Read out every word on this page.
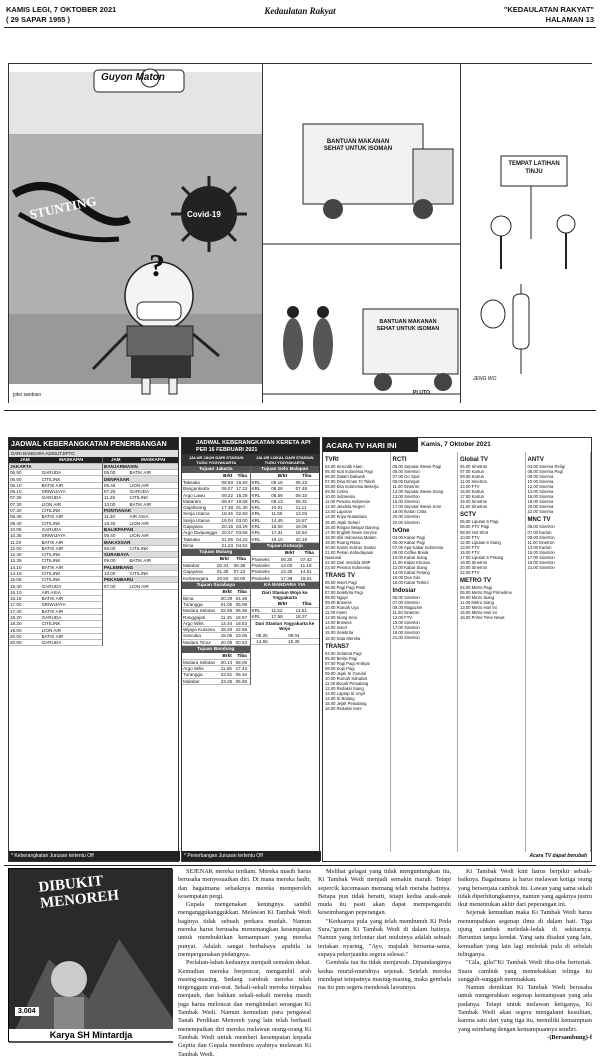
KAMIS LEGI, 7 OKTOBER 2021
( 29 SAPAR 1955 )
Kedaulatan Rakyat	"KEDAULATAN RAKYAT"
HALAMAN 13
?
Guyon Maton
STUNTING	Covid-19
joko santoso
BANTUAN MAKANAN SEHAT UNTUK ISOMAN
BANTUAN MAKANAN SEHAT UNTUK ISOMAN
PLUTO
TEMPAT LATIHAN TINJU
JENG WO
JADWAL KEBERANGKATAN PENERBANGAN
DARI BANDARA ADISUTJIPTO
JAM	MASKAPAI
JAKARTA	
06.50	GARUDA
06.00	CITILINK
06.10	BATIK AIR
06.10	SRIWIJAYA
07.25	GARUDA
07.30	LION AIR
07.30	CITILINK
08.45	BATIK AIR
09.40	CITILINK
10.05	GARUDA
10.35	SRIWIJAYA
11.20	BATIK AIR
12.00	BATIK AIR
12.40	CITILINK
13.35	CITILINK
14.10	BATIK AIR
14.15	CITILINK
15.05	CITILINK
15.40	GARUDA
16.10	AIR ASIA
16.15	BATIK AIR
17.00	SRIWIJAYA
17.40	BATIK AIR
18.20	GARUDA
18.30	CITILINK
19.00	LION AIR
20.00	BATIK AIR
20.50	GARUDA
JAM	MASKAPAI
BANJARMASIN	
08.00	BATIK AIR
DENPASAR	
06.45	LION AIR
07.25	GARUDA
11.25	CITILINK
13.00	BATIK AIR
PONTIANAK	
11.30	AIR ASIA
16.45	LION AIR
BALIKPAPAN	
08.40	LION AIR
MAKASSAR	
06.00	CITILINK
SURABAYA	
09.00	BATIK AIR
PALEMBANG	
10.00	CITILINK
PEKANBARU	
07.00	LION AIR
* Keberangkatan Jurusan tertentu Off
JADWAL KEBERANGKATAN KERETA API
PER 16 FEBRUARI 2021
JALUR JAUH DARI STASIUN TUGU YOGYAKARTA
JALUR LOKAL DARI STASIUN TUGU YOGYAKARTA
Tujuan Jakarta
	Brkt	Tiba
Taksaka	08.50	15.50
Bangunkarta	08.07	17.22
Argo Lawu	09.22	16.28
Mataram	09.47	18.08
Gajahwong	17.48	01.30
Senja Utama	18.45	02.50
Senja Utama	19.04	03.00
Gajayana	20.15	03.29
Argo Dwipangga	20.47	03.55
Taksaka	21.05	04.22
Bima	21.23	04.52
Tujuan Malang
	Brkt	Tiba
Malabar	00.34	06.38
Gajayana	01.35	07.23
Kertanegara	20.50	03.00
Tujuan Surabaya
	Brkt	Tiba
Bima	00.29	04.36
Turangga	01.00	05.09
Mutiara Selatan	02.56	06.38
Ranggajati	11.15	16.57
Argo Wilis	14.44	18.53
Wijaya Kusuma	18.20	22.56
Sancaka	15.05	23.06
Mutiara Timur	20.05	00.53
Tujuan Bandung
	Brkt	Tiba
Mutiara Selatan	00.14	08.08
Argo Wilis	11.05	17.43
Turangga	22.51	05.34
Malabar	23.25	06.58
Tujuan Solo Balapan
	Brkt	Tiba
KRL	05.15	06.23
KRL	06.28	07.48
KRL	06.59	08.10
KRL	08.13	09.31
KRL	10.01	11.11
KRL	11.55	13.03
KRL	14.49	15.57
KRL	15.00	16.08
KRL	17.31	18.54
KRL	19.10	20.19
Tujuan Kutoarjo
	Brkt	Tiba
Prameks	06.30	07.42
Prameks	13.05	11.18
Prameks	13.38	14.51
Prameks	17.38	19.01
KA BANDARA YIA
Dari Stasiun Wojo ke Yogyakarta
	Brkt	Tiba
KRL	11.52	11.51
KRL	17.58	18.37
Dari Stasiun Yogyakarta ke Wojo
	08.25	09.04
	14.55	15.35
* Penerbangan Jurusan tertentu Off
ACARA TV HARI INI	Kamis, 7 Oktober 2021
TVRI
04.00 Seruntik Alam
05.00 Kiat Indonesia Pagi
06.00 Dalam Dakwah
07.00 Dina Emas Ti! Tokoh
08.00 Kita Indonesia Bekerja
09.00 Cerita
10.00 Indonesia
11.00 Pesona Indonesia
12.00 Jendela Negeri
13.00 Laporan
14.00 Kriya Nusantara
15.00 Jejak Sehari
16.00 Ringan Belajar Bareng
17.00 English News Service
18.00 Klik Indonesia Malam
19.00 Ruang Rasa
20.00 Kamis Kuliner Santai
21.00 Pekan Kebudayaan Nasional
22.00 Dari Jendela SMP
23.00 Pesona Indonesia
TRANS TV
05.00 Insert Pagi
06.00 Pagi Pagi Pasti
07.00 Selebrita Pagi
08.00 Ngopi
09.00 Brownis
10.00 Rumah Uya
11.00 Insert
12.00 Siang Seru
13.00 Brownis
14.00 Insert
15.00 Selebrita
16.00 Kata Mereka
TRANS7
04.00 Selamat Pagi
05.00 Berita Pagi
07.00 Pagi Pagi Ambyar
08.00 Kopi Pagi
09.00 Jejak Si Gundul
10.00 Rumah Sahabat
11.00 Bocah Petualang
12.00 Redaksi Siang
13.00 Laptop Si Unyil
14.00 Si Bolang
15.00 Jejak Petualang
16.00 Redaksi Sore
RCTI
05.00 Seputar iNews Pagi
06.00 Sinetron
07.00 Go Spot
08.00 Dahsyat
11.00 Sinetron
12.00 Seputar iNews Siang
13.00 Sinetron
15.00 Sinetron
17.00 Seputar iNews Sore
18.00 Ikatan Cinta
20.00 Sinetron
22.00 Sinetron
tvOne
04.00 Kabar Pagi
05.00 Kabar Pagi
07.00 Apa Kabar Indonesia
09.00 Coffee Break
10.00 Kabar Siang
11.00 Kabar Khusus
12.00 Kabar Siang
14.00 Kabar Petang
15.00 Dua Sisi
16.00 Kabar Terkini
Indosiar
05.00 Sinetron
07.00 Sinetron
09.00 Magazine
11.00 Sinetron
13.00 FTV
15.00 Sinetron
17.00 Sinetron
19.00 Sinetron
21.00 Sinetron
Global TV
05.00 Sinetron
07.00 Kartun
09.00 Kartun
11.00 Sinetron
13.00 FTV
15.00 Kartun
17.00 Kartun
19.00 Sinetron
21.00 Sinetron
SCTV
05.00 Liputan 6 Pagi
06.00 FTV Pagi
08.00 Hot Shot
10.00 FTV
12.00 Liputan 6 Siang
13.00 FTV
15.00 FTV
17.00 Liputan 6 Petang
18.00 Sinetron
20.00 Sinetron
22.00 FTV
METRO TV
04.00 Metro Pagi
05.00 Metro Pagi Primetime
08.00 Metro Siang
11.00 Metro Siang
13.00 Metro Hari Ini
15.00 Metro Hari Ini
18.00 Prime Time News
ANTV
04.00 Sinema Religi
06.00 Sinema Pagi
08.00 Sinema
10.00 Sinema
12.00 Sinema
14.00 Sinema
16.00 Sinema
18.00 Sinema
20.00 Sinema
22.00 Sinema
MNC TV
05.00 Sinetron
07.00 Kartun
09.00 Sinetron
11.00 Sinetron
13.00 Kartun
15.00 Sinetron
17.00 Sinetron
19.00 Sinetron
21.00 Sinetron
Acara TV dapat berubah
DIBUKIT MENOREH
3.004
Karya SH Mintardja

SEJENAK mereka terdiam. Mereka masih harus berusaha menyesuaikan diri. Di mana mereka hadir, dan bagaimana sebaiknya mereka memperoleh kesempatan pergi.

Gupala mengenakan keningnya sambil menganggukanggukkan. Melawan Ki Tambak Wedi baginya tidak sebuah perkara mudah. Namun mereka harus berusaha memenangkan kesempatan untuk membuktikan kemampuan yang mereka punyai. Adalah sangat berbahaya apabila ia mempergunakan pedangnya.

Perlahan-lahan keduanya menjadi semakin dekat. Kemudian mereka berpencar, mengambil arah masing-masing. Sedang cambuk mereka telah tergenggam erat-erat. Sekali-sekali mereka terpaksa menjauh, dan bahkan sekali-sekali mereka masih juga harus meloncat dan menghindari serangan Ki Tambak Wedi. Namun kemudian para pengawal Tanah Perdikan Menoreh yang lain telah berhasil menempatkan diri mereka melawan orang-orang Ki Tambak Wedi untuk memberi kesempatan kepada Gupita dan Gupala memburu ayahnya melawan Ki Tambak Wedi.

Melihat gelagat yang tidak menguntungkan itu, Ki Tambak Wedi menjadi semakin marah. Tetapi sepercik kecemasan memang telah meraba hatinya. Betapa pun tidak berarti, tetapi kedua anak-anak muda itu pasti akan dapat mempengaruhi keseimbangan peperangan.

"Keduanya pula yang telah membunuh Ki Peda Sura,"geram Ki Tambak Wedi di dalam hatinya. Namun yang terlontar dari mulutnya adalah sebuah teriakan nyaring, "Ayo, majulah bersama-sama, supaya pekerjaanku segera selesai."

Gembala tua itu tidak menjawab. Dipandanginya kedua murid-muridnya sejenak. Setelah mereka mendapat tempatnya masing-masing, maka gembala tua itu pun segera mendesak lawannya.

Ki Tambak Wedi kini harus berpikir sebaik-baiknya. Bagaimana ia harus melawan ketiga orang yang bersenjata cambuk itu. Lawan yang sama sekali tidak diperhitungkannya, namun yang agaknya justru ikut menentukan akhir dari peperangan ini.

Sejenak kemudian maka Ki Tambak Wedi harus menumpahkan segenap ilmu di dalam hati. Tiga ujung cambuk meledak-ledak di sekitarnya. Beruntun tanpa kendat. Yang satu disahut yang lain, kemudian yang lain lagi meledak pula di sebelah telinganya.

"Gila, gila!"Ki Tambak Wedi tiba-tiba berteriak. Suara cambuk yang memekakkan telinga itu sungguh-sungguh memuakkan.

Namun demikian Ki Tambak Wedi berusaha untuk mengerahkan segenap kemampuan yang ada padanya. Tetapi untuk melawan ketiganya, Ki Tambak Wedi akan segera mengalami kesulitan, karena satu dari yang tiga itu, memiliki kemampuan yang seimbang dengan kemampuannya sendiri.

-(Bersambung)-f
